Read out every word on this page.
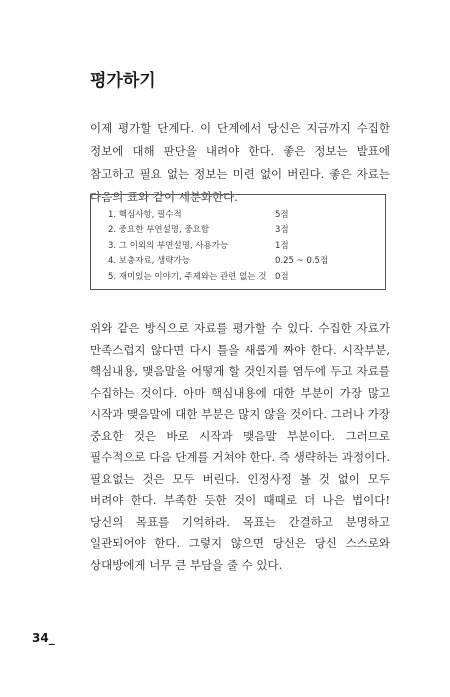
평가하기

이제 평가할 단계다. 이 단계에서 당신은 지금까지 수집한 정보에 대해 판단을 내려야 한다. 좋은 정보는 발표에 참고하고 필요 없는 정보는 미련 없이 버린다. 좋은 자료는 다음의 표와 같이 세분화한다.

1. 핵심사항, 필수적	5점
2. 중요한 부연설명, 중요함	3점
3. 그 이외의 부연설명, 사용가능	1점
4. 보충자료, 생략가능	0.25 ~ 0.5점
5. 재미있는 이야기, 주제와는 관련 없는 것	0점

위와 같은 방식으로 자료를 평가할 수 있다. 수집한 자료가 만족스럽지 않다면 다시 틀을 새롭게 짜야 한다. 시작부분, 핵심내용, 맺음말을 어떻게 할 것인지를 염두에 두고 자료를 수집하는 것이다. 아마 핵심내용에 대한 부분이 가장 많고 시작과 맺음말에 대한 부분은 많지 않을 것이다. 그러나 가장 중요한 것은 바로 시작과 맺음말 부분이다. 그러므로 필수적으로 다음 단계를 거쳐야 한다. 즉 생략하는 과정이다. 필요없는 것은 모두 버린다. 인정사정 볼 것 없이 모두 버려야 한다. 부족한 듯한 것이 때때로 더 나은 법이다! 당신의 목표를 기억하라. 목표는 간결하고 분명하고 일관되어야 한다. 그렇지 않으면 당신은 당신 스스로와 상대방에게 너무 큰 부담을 줄 수 있다.

34_
